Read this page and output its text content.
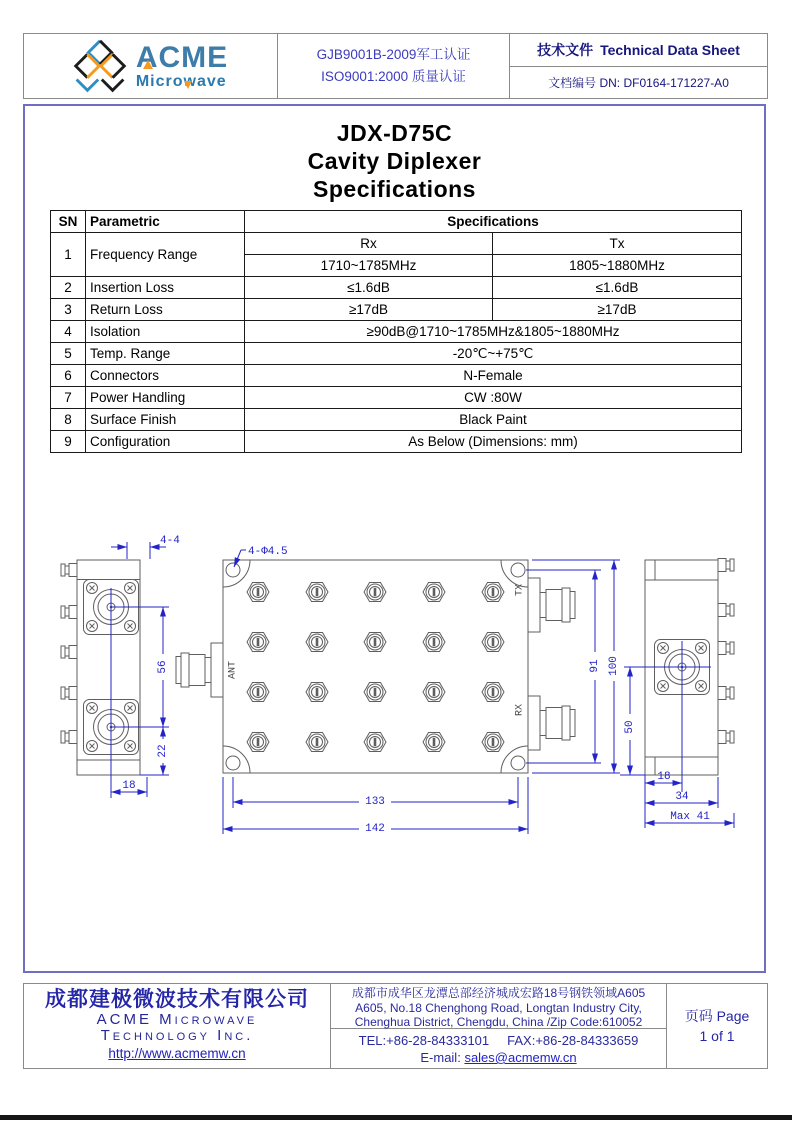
ACME
Microwave
GJB9001B-2009军工认证
ISO9001:2000 质量认证
技术文件 Technical Data Sheet
文档编号 DN: DF0164-171227-A0
JDX-D75C
Cavity Diplexer
Specifications
SN	Parametric	Specifications	
1	Frequency Range	Rx	Tx
		1710~1785MHz	1805~1880MHz
2	Insertion Loss	≤1.6dB	≤1.6dB
3	Return Loss	≥17dB	≥17dB
4	Isolation	≥90dB@1710~1785MHz&1805~1880MHz	
5	Temp. Range	-20℃~+75℃	
6	Connectors	N-Female	
7	Power Handling	CW :80W	
8	Surface Finish	Black Paint	
9	Configuration	As Below (Dimensions: mm)	
4-4
56
22
18
4-Φ4.5
133
142
91 100
50
18
34
Max 41
ANT
TX
RX
成都建极微波技术有限公司
ACME Microwave
Technology Inc.
http://www.acmemw.cn
成都市成华区龙潭总部经济城成宏路18号钢铁领域A605
A605, No.18 Chenghong Road, Longtan Industry City,
Chenghua District, Chengdu, China /Zip Code:610052
TEL:+86-28-84333101 FAX:+86-28-84333659
E-mail: sales@acmemw.cn
页码 Page
1 of 1
